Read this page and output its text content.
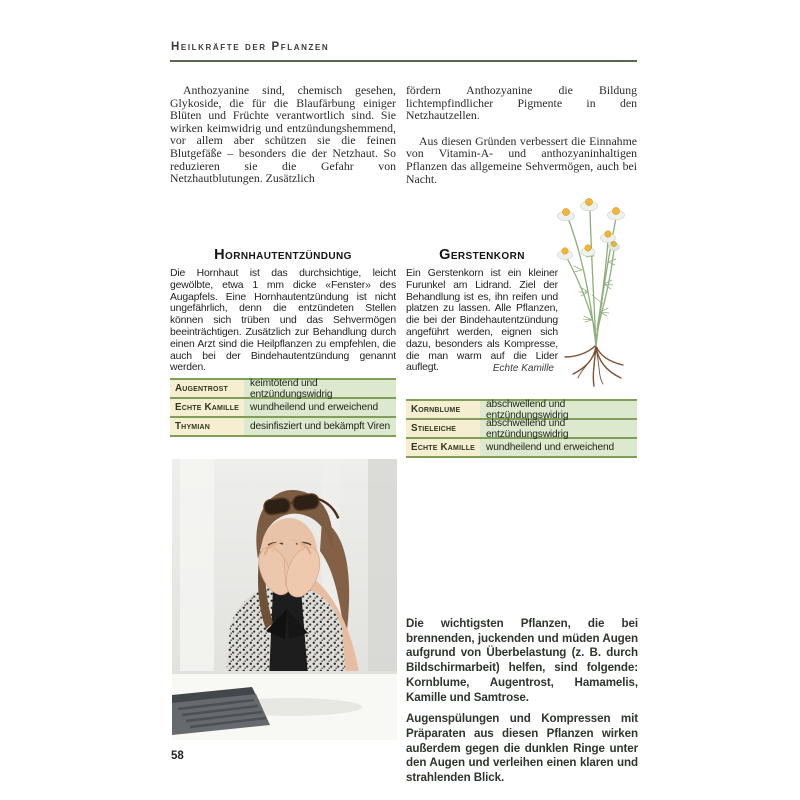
Heilkräfte der Pflanzen

Anthozyanine sind, chemisch gesehen, Glykoside, die für die Blaufärbung einiger Blüten und Früchte verantwortlich sind. Sie wirken keimwidrig und entzündungshemmend, vor allem aber schützen sie die feinen Blutgefäße – besonders die der Netzhaut. So reduzieren sie die Gefahr von Netzhautblutungen. Zusätzlich

fördern Anthozyanine die Bildung lichtempfindlicher Pigmente in den Netzhautzellen.

Aus diesen Gründen verbessert die Einnahme von Vitamin-A- und anthozyaninhaltigen Pflanzen das allgemeine Sehvermögen, auch bei Nacht.

Hornhautentzündung

Die Hornhaut ist das durchsichtige, leicht gewölbte, etwa 1 mm dicke «Fenster» des Augapfels. Eine Hornhautentzündung ist nicht ungefährlich, denn die entzündeten Stellen können sich trüben und das Sehvermögen beeinträchtigen. Zusätzlich zur Behandlung durch einen Arzt sind die Heilpflanzen zu empfehlen, die auch bei der Bindehautentzündung genannt werden.

Gerstenkorn

Ein Gerstenkorn ist ein kleiner Furunkel am Lidrand. Ziel der Behandlung ist es, ihn reifen und platzen zu lassen. Alle Pflanzen, die bei der Bindehautentzündung angeführt werden, eignen sich dazu, besonders als Kompresse, die man warm auf die Lider auflegt.	Echte Kamille
Augentrost	keimtötend und entzündungswidrig
Echte Kamille	wundheilend und erweichend
Thymian	desinfisziert und bekämpft Viren
Kornblume	abschwellend und entzündungswidrig
Stieleiche	abschwellend und entzündungswidrig
Echte Kamille	wundheilend und erweichend

Die wichtigsten Pflanzen, die bei brennenden, juckenden und müden Augen aufgrund von Überbelastung (z. B. durch Bildschirmarbeit) helfen, sind folgende: Kornblume, Augentrost, Hamamelis, Kamille und Samtrose.

Augenspülungen und Kompressen mit Präparaten aus diesen Pflanzen wirken außerdem gegen die dunklen Ringe unter den Augen und verleihen einen klaren und strahlenden Blick.

58
